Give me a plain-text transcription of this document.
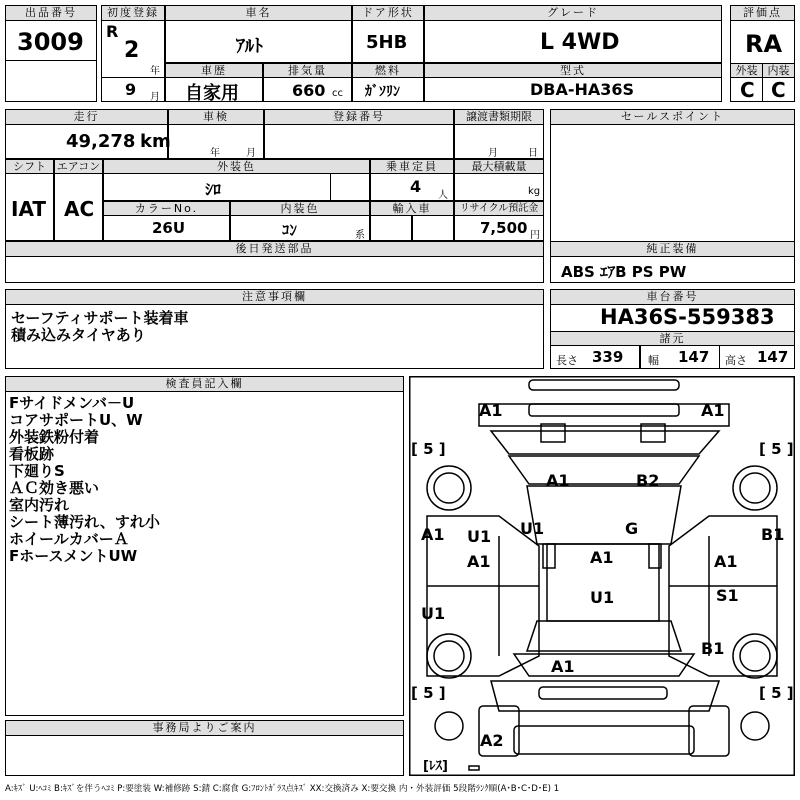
出品番号
3009
初度登録
R
2
年
9 月
車名
ｱﾙﾄ
ドア形状
5HB
グレード
L 4WD
評価点
RA
外装 内装
C C
車歴
自家用
排気量
660 cc
燃料
ｶﾞｿﾘﾝ
型式
DBA-HA36S
走行
49,278 km
車検
年	月
登録番号	譲渡書類期限
月	日
シフト
IAT
エアコン
AC
外装色
ｼﾛ
乗車定員
4 人
最大積載量
kg
カラーNo.
26U
内装色
ｺﾝ	系
輸入車	リサイクル預託金
7,500 円
後日発送部品
セールスポイント
純正装備
ABS ｴｱB PS PW
注意事項欄
セーフティサポート装着車
積み込みタイヤあり
車台番号
HA36S-559383
諸元
長さ 339 幅 147 高さ 147
検査員記入欄
Fサイドメンバ－U
コアサポートU、W
外装鉄粉付着
看板跡
下廻りS
ＡＣ効き悪い
室内汚れ
シート薄汚れ、すれ小
ホイールカバーＡ
FホースメントUW
事務局よりご案内
A1	A1
A1	B2
U1 U1	G
A1	B1
A1	A1	A1
U1	S1
U1
B1
A1
A2
[ 5 ]	[ 5 ]
[ 5 ]	[ 5 ]
[ﾚｽ]
A:ｷｽﾞ U:ﾍｺﾐ B:ｷｽﾞを伴うﾍｺﾐ P:要塗装 W:補修跡 S:錆 C:腐食 G:ﾌﾛﾝﾄｶﾞﾗｽ点ｷｽﾞ XX:交換済み X:要交換 内・外装評価 5段階ﾗﾝｸ順(A･B･C･D･E) 1
